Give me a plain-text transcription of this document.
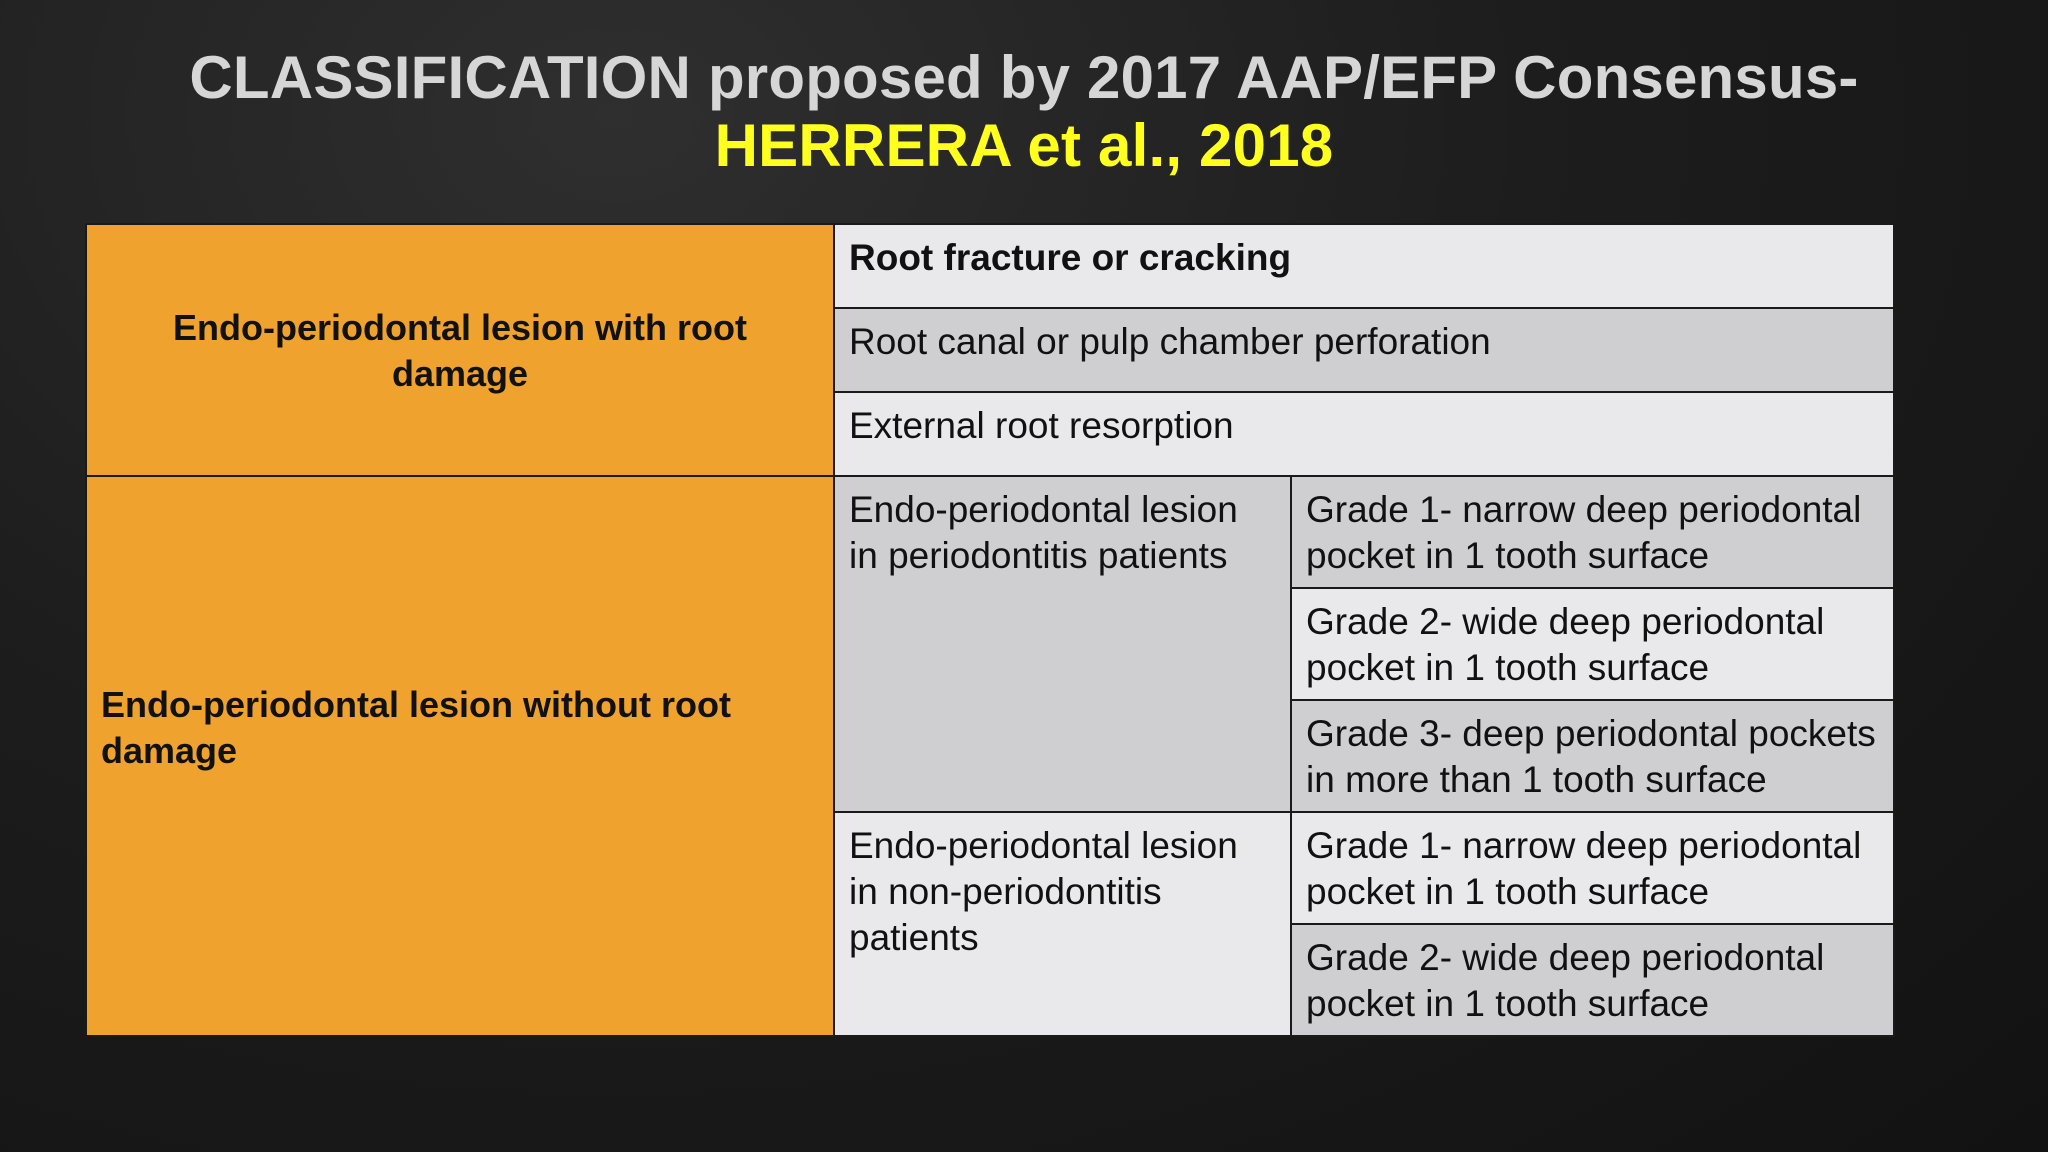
CLASSIFICATION proposed by 2017 AAP/EFP Consensus-
HERRERA et al., 2018
Endo-periodontal lesion with root damage	Root fracture or cracking	
	Root canal or pulp chamber perforation	
	External root resorption	
Endo-periodontal lesion without root damage	Endo-periodontal lesion in periodontitis patients	Grade 1- narrow deep periodontal pocket in 1 tooth surface
		Grade 2- wide deep periodontal pocket in 1 tooth surface
		Grade 3- deep periodontal pockets in more than 1 tooth surface
	Endo-periodontal lesion in non-periodontitis patients	Grade 1- narrow deep periodontal pocket in 1 tooth surface
		Grade 2- wide deep periodontal pocket in 1 tooth surface
